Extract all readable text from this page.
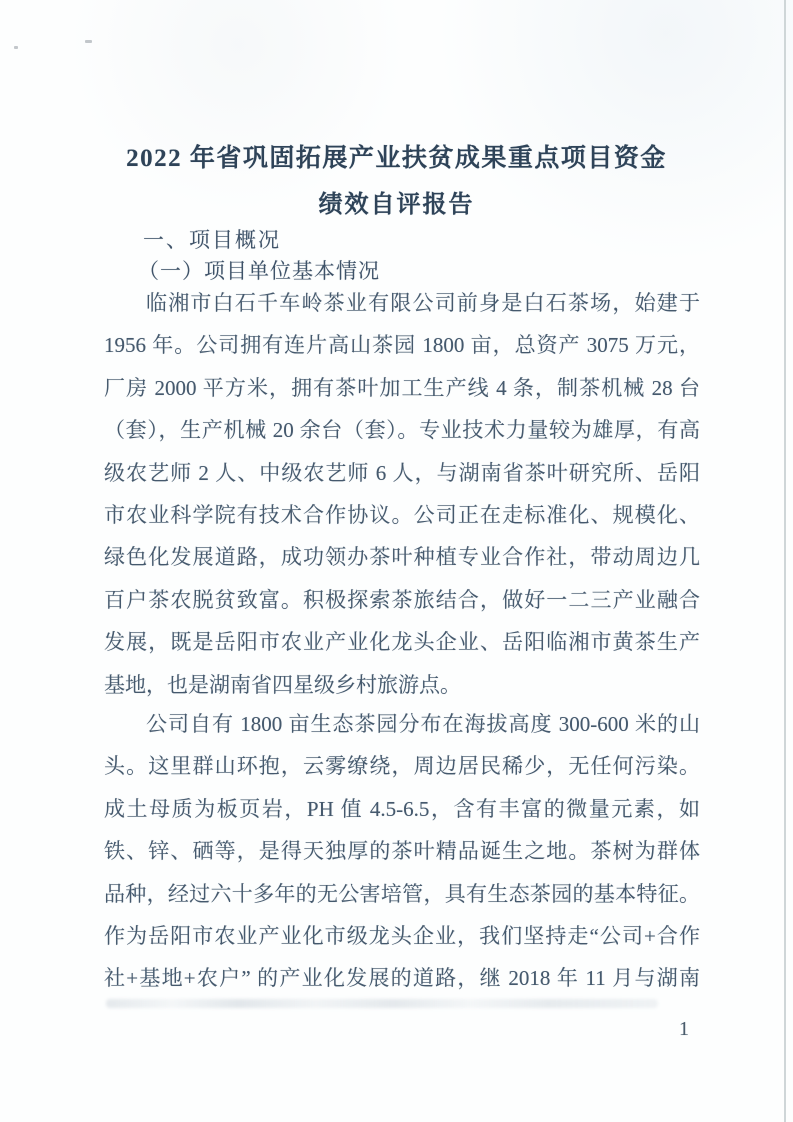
2022 年省巩固拓展产业扶贫成果重点项目资金
绩效自评报告
一、项目概况
（一）项目单位基本情况
临湘市白石千车岭茶业有限公司前身是白石茶场，始建于
1956 年。公司拥有连片高山茶园 1800 亩，总资产 3075 万元，
厂房 2000 平方米，拥有茶叶加工生产线 4 条，制茶机械 28 台
（套），生产机械 20 余台（套）。专业技术力量较为雄厚，有高
级农艺师 2 人、中级农艺师 6 人，与湖南省茶叶研究所、岳阳
市农业科学院有技术合作协议。公司正在走标准化、规模化、
绿色化发展道路，成功领办茶叶种植专业合作社，带动周边几
百户茶农脱贫致富。积极探索茶旅结合，做好一二三产业融合
发展，既是岳阳市农业产业化龙头企业、岳阳临湘市黄茶生产
基地，也是湖南省四星级乡村旅游点。
公司自有 1800 亩生态茶园分布在海拔高度 300-600 米的山
头。这里群山环抱，云雾缭绕，周边居民稀少，无任何污染。
成土母质为板页岩，PH 值 4.5-6.5，含有丰富的微量元素，如
铁、锌、硒等，是得天独厚的茶叶精品诞生之地。茶树为群体
品种，经过六十多年的无公害培管，具有生态茶园的基本特征。
作为岳阳市农业产业化市级龙头企业，我们坚持走“公司+合作
社+基地+农户” 的产业化发展的道路，继 2018 年 11 月与湖南
1
